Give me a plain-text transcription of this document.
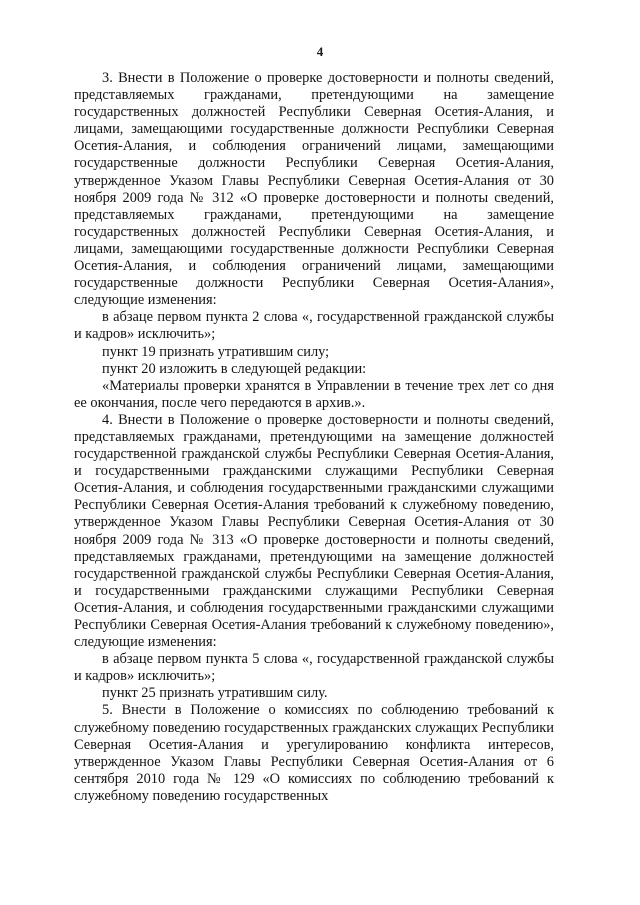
4

3. Внести в Положение о проверке достоверности и полноты сведений, представляемых гражданами, претендующими на замещение государственных должностей Республики Северная Осетия-Алания, и лицами, замещающими государственные должности Республики Северная Осетия-Алания, и соблюдения ограничений лицами, замещающими государственные должности Республики Северная Осетия-Алания, утвержденное Указом Главы Республики Северная Осетия-Алания от 30 ноября 2009 года № 312 «О проверке достоверности и полноты сведений, представляемых гражданами, претендующими на замещение государственных должностей Республики Северная Осетия-Алания, и лицами, замещающими государственные должности Республики Северная Осетия-Алания, и соблюдения ограничений лицами, замещающими государственные должности Республики Северная Осетия-Алания», следующие изменения:

в абзаце первом пункта 2 слова «, государственной гражданской службы и кадров» исключить»;

пункт 19 признать утратившим силу;

пункт 20 изложить в следующей редакции:

«Материалы проверки хранятся в Управлении в течение трех лет со дня ее окончания, после чего передаются в архив.».

4. Внести в Положение о проверке достоверности и полноты сведений, представляемых гражданами, претендующими на замещение должностей государственной гражданской службы Республики Северная Осетия-Алания, и государственными гражданскими служащими Республики Северная Осетия-Алания, и соблюдения государственными гражданскими служащими Республики Северная Осетия-Алания требований к служебному поведению, утвержденное Указом Главы Республики Северная Осетия-Алания от 30 ноября 2009 года № 313 «О проверке достоверности и полноты сведений, представляемых гражданами, претендующими на замещение должностей государственной гражданской службы Республики Северная Осетия-Алания, и государственными гражданскими служащими Республики Северная Осетия-Алания, и соблюдения государственными гражданскими служащими Республики Северная Осетия-Алания требований к служебному поведению», следующие изменения:

в абзаце первом пункта 5 слова «, государственной гражданской службы и кадров» исключить»;

пункт 25 признать утратившим силу.

5. Внести в Положение о комиссиях по соблюдению требований к служебному поведению государственных гражданских служащих Республики Северная Осетия-Алания и урегулированию конфликта интересов, утвержденное Указом Главы Республики Северная Осетия-Алания от 6 сентября 2010 года № 129 «О комиссиях по соблюдению требований к служебному поведению государственных
